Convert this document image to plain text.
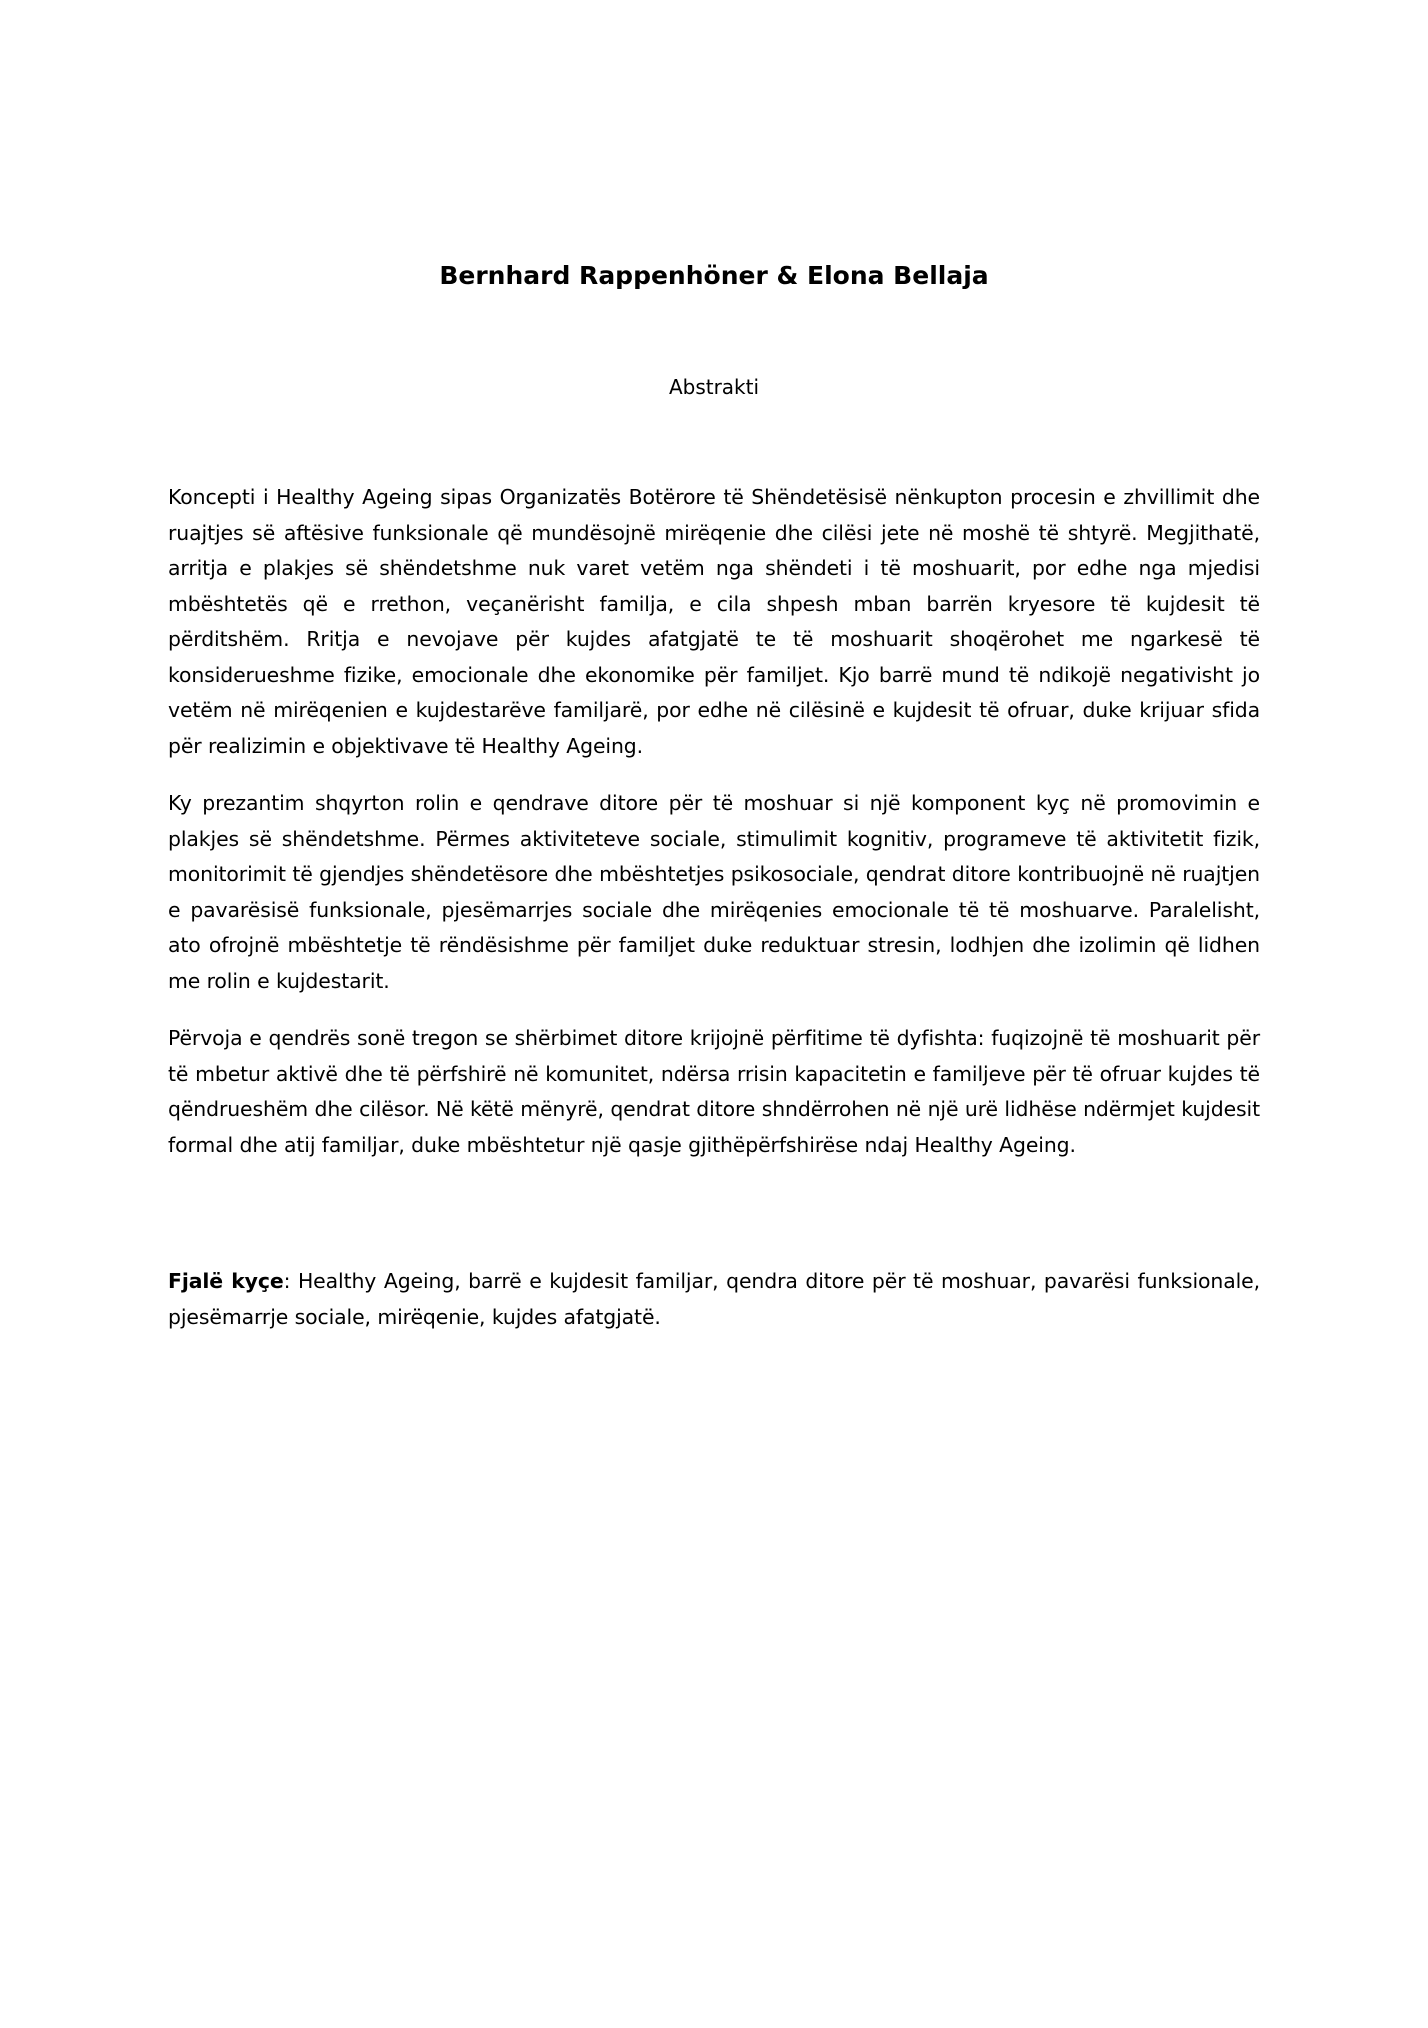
Bernhard Rappenhöner & Elona Bellaja
Abstrakti

Koncepti i Healthy Ageing sipas Organizatës Botërore të Shëndetësisë nënkupton procesin e zhvillimit dhe ruajtjes së aftësive funksionale që mundësojnë mirëqenie dhe cilësi jete në moshë të shtyrë. Megjithatë, arritja e plakjes së shëndetshme nuk varet vetëm nga shëndeti i të moshuarit, por edhe nga mjedisi mbështetës që e rrethon, veçanërisht familja, e cila shpesh mban barrën kryesore të kujdesit të përditshëm. Rritja e nevojave për kujdes afatgjatë te të moshuarit shoqërohet me ngarkesë të konsiderueshme fizike, emocionale dhe ekonomike për familjet. Kjo barrë mund të ndikojë negativisht jo vetëm në mirëqenien e kujdestarëve familjarë, por edhe në cilësinë e kujdesit të ofruar, duke krijuar sfida për realizimin e objektivave të Healthy Ageing.

Ky prezantim shqyrton rolin e qendrave ditore për të moshuar si një komponent kyç në promovimin e plakjes së shëndetshme. Përmes aktiviteteve sociale, stimulimit kognitiv, programeve të aktivitetit fizik, monitorimit të gjendjes shëndetësore dhe mbështetjes psikosociale, qendrat ditore kontribuojnë në ruajtjen e pavarësisë funksionale, pjesëmarrjes sociale dhe mirëqenies emocionale të të moshuarve. Paralelisht, ato ofrojnë mbështetje të rëndësishme për familjet duke reduktuar stresin, lodhjen dhe izolimin që lidhen me rolin e kujdestarit.

Përvoja e qendrës sonë tregon se shërbimet ditore krijojnë përfitime të dyfishta: fuqizojnë të moshuarit për të mbetur aktivë dhe të përfshirë në komunitet, ndërsa rrisin kapacitetin e familjeve për të ofruar kujdes të qëndrueshëm dhe cilësor. Në këtë mënyrë, qendrat ditore shndërrohen në një urë lidhëse ndërmjet kujdesit formal dhe atij familjar, duke mbështetur një qasje gjithëpërfshirëse ndaj Healthy Ageing.

Fjalë kyçe: Healthy Ageing, barrë e kujdesit familjar, qendra ditore për të moshuar, pavarësi funksionale, pjesëmarrje sociale, mirëqenie, kujdes afatgjatë.
